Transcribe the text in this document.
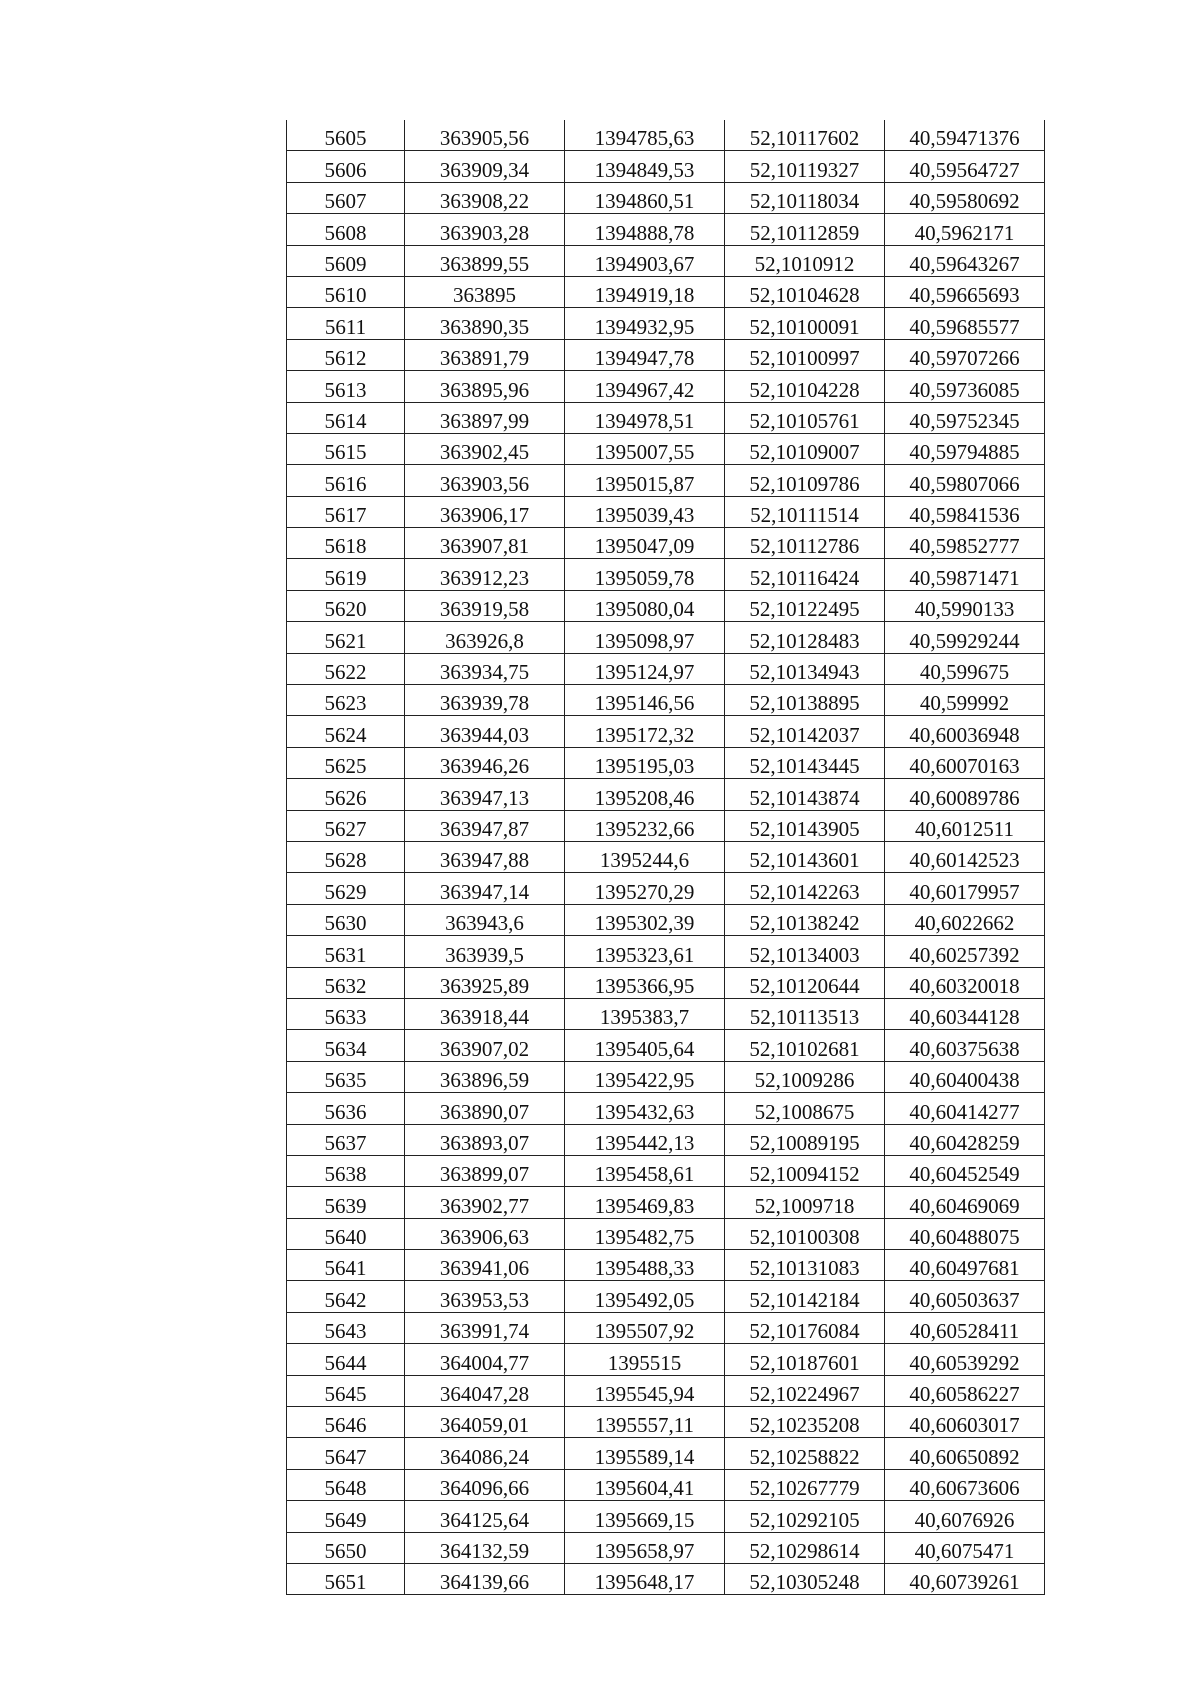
5605	363905,56	1394785,63	52,10117602	40,59471376
5606	363909,34	1394849,53	52,10119327	40,59564727
5607	363908,22	1394860,51	52,10118034	40,59580692
5608	363903,28	1394888,78	52,10112859	40,5962171
5609	363899,55	1394903,67	52,1010912	40,59643267
5610	363895	1394919,18	52,10104628	40,59665693
5611	363890,35	1394932,95	52,10100091	40,59685577
5612	363891,79	1394947,78	52,10100997	40,59707266
5613	363895,96	1394967,42	52,10104228	40,59736085
5614	363897,99	1394978,51	52,10105761	40,59752345
5615	363902,45	1395007,55	52,10109007	40,59794885
5616	363903,56	1395015,87	52,10109786	40,59807066
5617	363906,17	1395039,43	52,10111514	40,59841536
5618	363907,81	1395047,09	52,10112786	40,59852777
5619	363912,23	1395059,78	52,10116424	40,59871471
5620	363919,58	1395080,04	52,10122495	40,5990133
5621	363926,8	1395098,97	52,10128483	40,59929244
5622	363934,75	1395124,97	52,10134943	40,599675
5623	363939,78	1395146,56	52,10138895	40,599992
5624	363944,03	1395172,32	52,10142037	40,60036948
5625	363946,26	1395195,03	52,10143445	40,60070163
5626	363947,13	1395208,46	52,10143874	40,60089786
5627	363947,87	1395232,66	52,10143905	40,6012511
5628	363947,88	1395244,6	52,10143601	40,60142523
5629	363947,14	1395270,29	52,10142263	40,60179957
5630	363943,6	1395302,39	52,10138242	40,6022662
5631	363939,5	1395323,61	52,10134003	40,60257392
5632	363925,89	1395366,95	52,10120644	40,60320018
5633	363918,44	1395383,7	52,10113513	40,60344128
5634	363907,02	1395405,64	52,10102681	40,60375638
5635	363896,59	1395422,95	52,1009286	40,60400438
5636	363890,07	1395432,63	52,1008675	40,60414277
5637	363893,07	1395442,13	52,10089195	40,60428259
5638	363899,07	1395458,61	52,10094152	40,60452549
5639	363902,77	1395469,83	52,1009718	40,60469069
5640	363906,63	1395482,75	52,10100308	40,60488075
5641	363941,06	1395488,33	52,10131083	40,60497681
5642	363953,53	1395492,05	52,10142184	40,60503637
5643	363991,74	1395507,92	52,10176084	40,60528411
5644	364004,77	1395515	52,10187601	40,60539292
5645	364047,28	1395545,94	52,10224967	40,60586227
5646	364059,01	1395557,11	52,10235208	40,60603017
5647	364086,24	1395589,14	52,10258822	40,60650892
5648	364096,66	1395604,41	52,10267779	40,60673606
5649	364125,64	1395669,15	52,10292105	40,6076926
5650	364132,59	1395658,97	52,10298614	40,6075471
5651	364139,66	1395648,17	52,10305248	40,60739261
